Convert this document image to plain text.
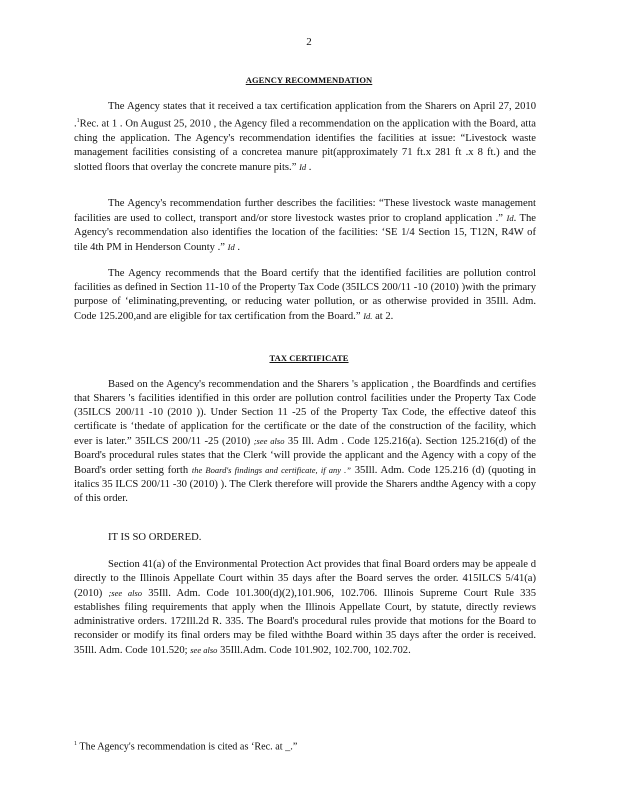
2
AGENCY RECOMMENDATION

The Agency states that it received a tax certification application from the Sharers on April 27, 2010 .$^1$Rec. at 1 . On August 25, 2010 , the Agency filed a recommendation on the application with the Board, atta ching the application. The Agency's recommendation identifies the facilities at issue: “Livestock waste management facilities consisting of a concretea manure pit(approximately 71 ft.x 281 ft .x 8 ft.) and the slotted floors that overlay the concrete manure pits.” Id .

The Agency's recommendation further describes the facilities: “These livestock waste management facilities are used to collect, transport and/or store livestock wastes prior to cropland application .” Id. The Agency's recommendation also identifies the location of the facilities: ‘SE 1/4 Section 15, T12N, R4W of tile 4th PM in Henderson County .” Id .

The Agency recommends that the Board certify that the identified facilities are pollution control facilities as defined in Section 11-10 of the Property Tax Code (35ILCS 200/11 -10 (2010) )with the primary purpose of ‘eliminating,preventing, or reducing water pollution, or as otherwise provided in 35Ill. Adm. Code 125.200,and are eligible for tax certification from the Board.” Id. at 2.

TAX CERTIFICATE

Based on the Agency's recommendation and the Sharers 's application , the Boardfinds and certifies that Sharers 's facilities identified in this order are pollution control facilities under the Property Tax Code (35ILCS 200/11 -10 (2010 )). Under Section 11 -25 of the Property Tax Code, the effective dateof this certificate is ‘thedate of application for the certificate or the date of the construction of the facility, which ever is later.” 35ILCS 200/11 -25 (2010) ;see also 35 Ill. Adm . Code 125.216(a). Section 125.216(d) of the Board's procedural rules states that the Clerk ‘will provide the applicant and the Agency with a copy of the Board's order setting forth the Board's findings and certificate, if any .” 35Ill. Adm. Code 125.216 (d) (quoting in italics 35 ILCS 200/11 -30 (2010) ). The Clerk therefore will provide the Sharers andthe Agency with a copy of this order.

IT IS SO ORDERED.

Section 41(a) of the Environmental Protection Act provides that final Board orders may be appeale d directly to the Illinois Appellate Court within 35 days after the Board serves the order. 415ILCS 5/41(a) (2010) ;see also 35Ill. Adm. Code 101.300(d)(2),101.906, 102.706. Illinois Supreme Court Rule 335 establishes filing requirements that apply when the Illinois Appellate Court, by statute, directly reviews administrative orders. 172Ill.2d R. 335. The Board's procedural rules provide that motions for the Board to reconsider or modify its final orders may be filed withthe Board within 35 days after the order is received. 35Ill. Adm. Code 101.520; see also 35Ill.Adm. Code 101.902, 102.700, 102.702.

$^1$ The Agency's recommendation is cited as ‘Rec. at _.”
